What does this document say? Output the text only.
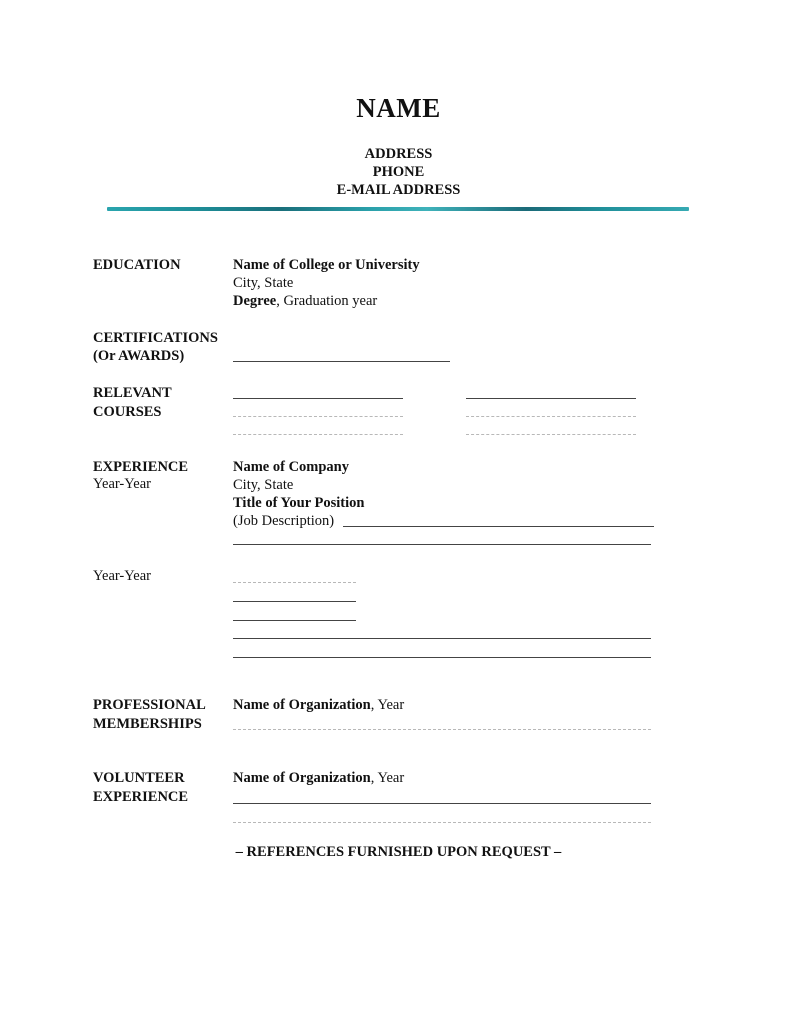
NAME
ADDRESS
PHONE
E-MAIL ADDRESS
EDUCATION	Name of College or University
City, State
Degree, Graduation year
CERTIFICATIONS
(Or AWARDS)
RELEVANT
COURSES
EXPERIENCE
Year-Year
Name of Company
City, State
Title of Your Position
(Job Description)
Year-Year
PROFESSIONAL
MEMBERSHIPS
Name of Organization, Year
VOLUNTEER
EXPERIENCE
Name of Organization, Year
– REFERENCES FURNISHED UPON REQUEST –
